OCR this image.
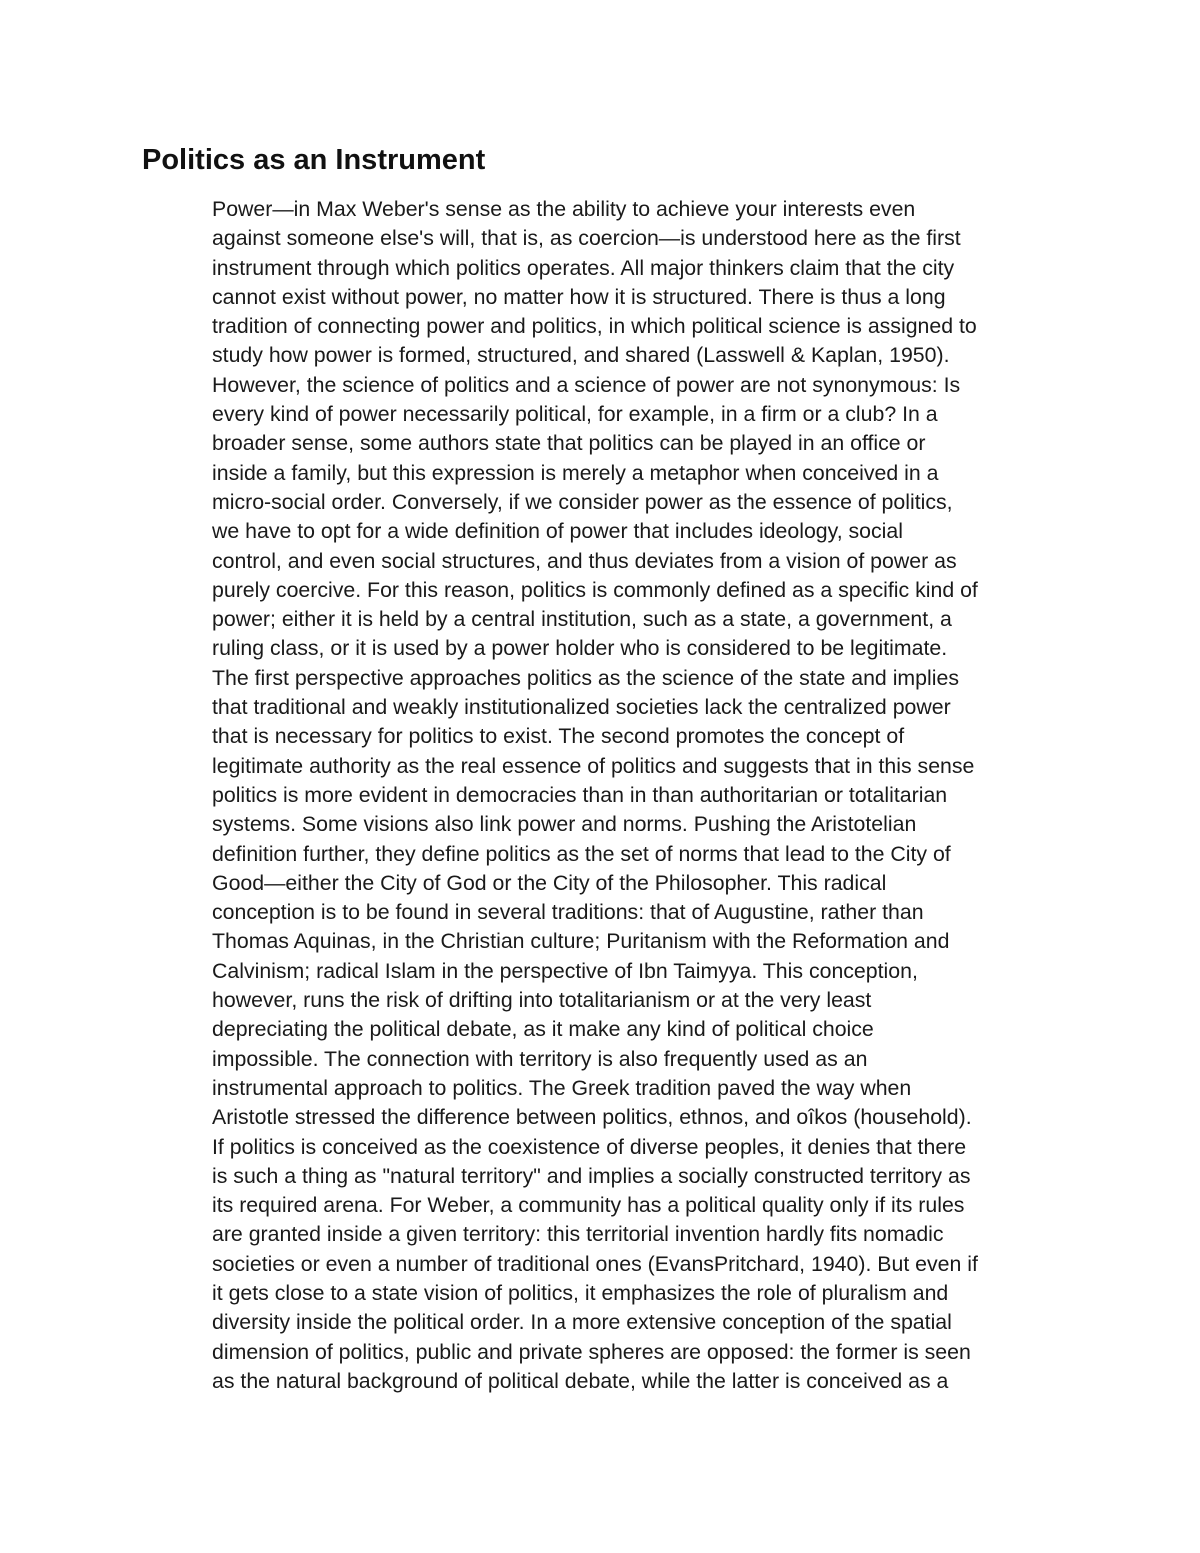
Politics as an Instrument
Power—in Max Weber's sense as the ability to achieve your interests even
against someone else's will, that is, as coercion—is understood here as the first
instrument through which politics operates. All major thinkers claim that the city
cannot exist without power, no matter how it is structured. There is thus a long
tradition of connecting power and politics, in which political science is assigned to
study how power is formed, structured, and shared (Lasswell & Kaplan, 1950).
However, the science of politics and a science of power are not synonymous: Is
every kind of power necessarily political, for example, in a firm or a club? In a
broader sense, some authors state that politics can be played in an office or
inside a family, but this expression is merely a metaphor when conceived in a
micro-social order. Conversely, if we consider power as the essence of politics,
we have to opt for a wide definition of power that includes ideology, social
control, and even social structures, and thus deviates from a vision of power as
purely coercive. For this reason, politics is commonly defined as a specific kind of
power; either it is held by a central institution, such as a state, a government, a
ruling class, or it is used by a power holder who is considered to be legitimate.
The first perspective approaches politics as the science of the state and implies
that traditional and weakly institutionalized societies lack the centralized power
that is necessary for politics to exist. The second promotes the concept of
legitimate authority as the real essence of politics and suggests that in this sense
politics is more evident in democracies than in than authoritarian or totalitarian
systems. Some visions also link power and norms. Pushing the Aristotelian
definition further, they define politics as the set of norms that lead to the City of
Good—either the City of God or the City of the Philosopher. This radical
conception is to be found in several traditions: that of Augustine, rather than
Thomas Aquinas, in the Christian culture; Puritanism with the Reformation and
Calvinism; radical Islam in the perspective of Ibn Taimyya. This conception,
however, runs the risk of drifting into totalitarianism or at the very least
depreciating the political debate, as it make any kind of political choice
impossible. The connection with territory is also frequently used as an
instrumental approach to politics. The Greek tradition paved the way when
Aristotle stressed the difference between politics, ethnos, and oîkos (household).
If politics is conceived as the coexistence of diverse peoples, it denies that there
is such a thing as "natural territory" and implies a socially constructed territory as
its required arena. For Weber, a community has a political quality only if its rules
are granted inside a given territory: this territorial invention hardly fits nomadic
societies or even a number of traditional ones (EvansPritchard, 1940). But even if
it gets close to a state vision of politics, it emphasizes the role of pluralism and
diversity inside the political order. In a more extensive conception of the spatial
dimension of politics, public and private spheres are opposed: the former is seen
as the natural background of political debate, while the latter is conceived as a
